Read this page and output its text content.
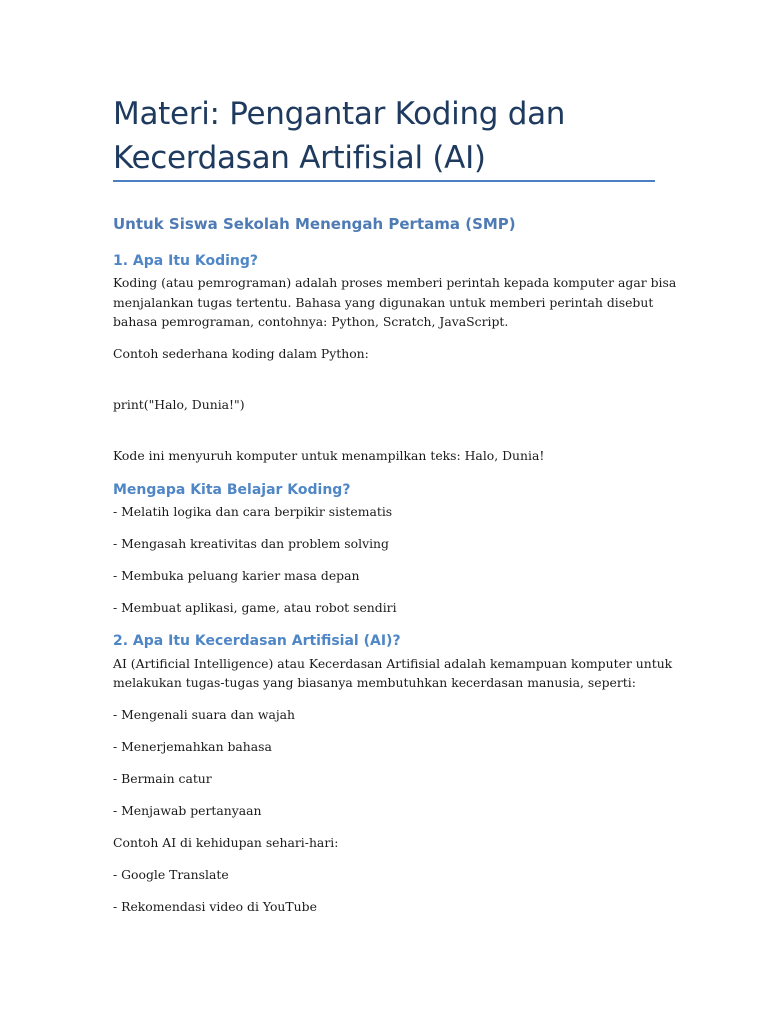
Materi: Pengantar Koding dan Kecerdasan Artifisial (AI)
Untuk Siswa Sekolah Menengah Pertama (SMP)
1. Apa Itu Koding?

Koding (atau pemrograman) adalah proses memberi perintah kepada komputer agar bisa

menjalankan tugas tertentu. Bahasa yang digunakan untuk memberi perintah disebut

bahasa pemrograman, contohnya: Python, Scratch, JavaScript.

Contoh sederhana koding dalam Python:

print("Halo, Dunia!")

Kode ini menyuruh komputer untuk menampilkan teks: Halo, Dunia!

Mengapa Kita Belajar Koding?

- Melatih logika dan cara berpikir sistematis

- Mengasah kreativitas dan problem solving

- Membuka peluang karier masa depan

- Membuat aplikasi, game, atau robot sendiri

2. Apa Itu Kecerdasan Artifisial (AI)?

AI (Artificial Intelligence) atau Kecerdasan Artifisial adalah kemampuan komputer untuk

melakukan tugas-tugas yang biasanya membutuhkan kecerdasan manusia, seperti:

- Mengenali suara dan wajah

- Menerjemahkan bahasa

- Bermain catur

- Menjawab pertanyaan

Contoh AI di kehidupan sehari-hari:

- Google Translate

- Rekomendasi video di YouTube
